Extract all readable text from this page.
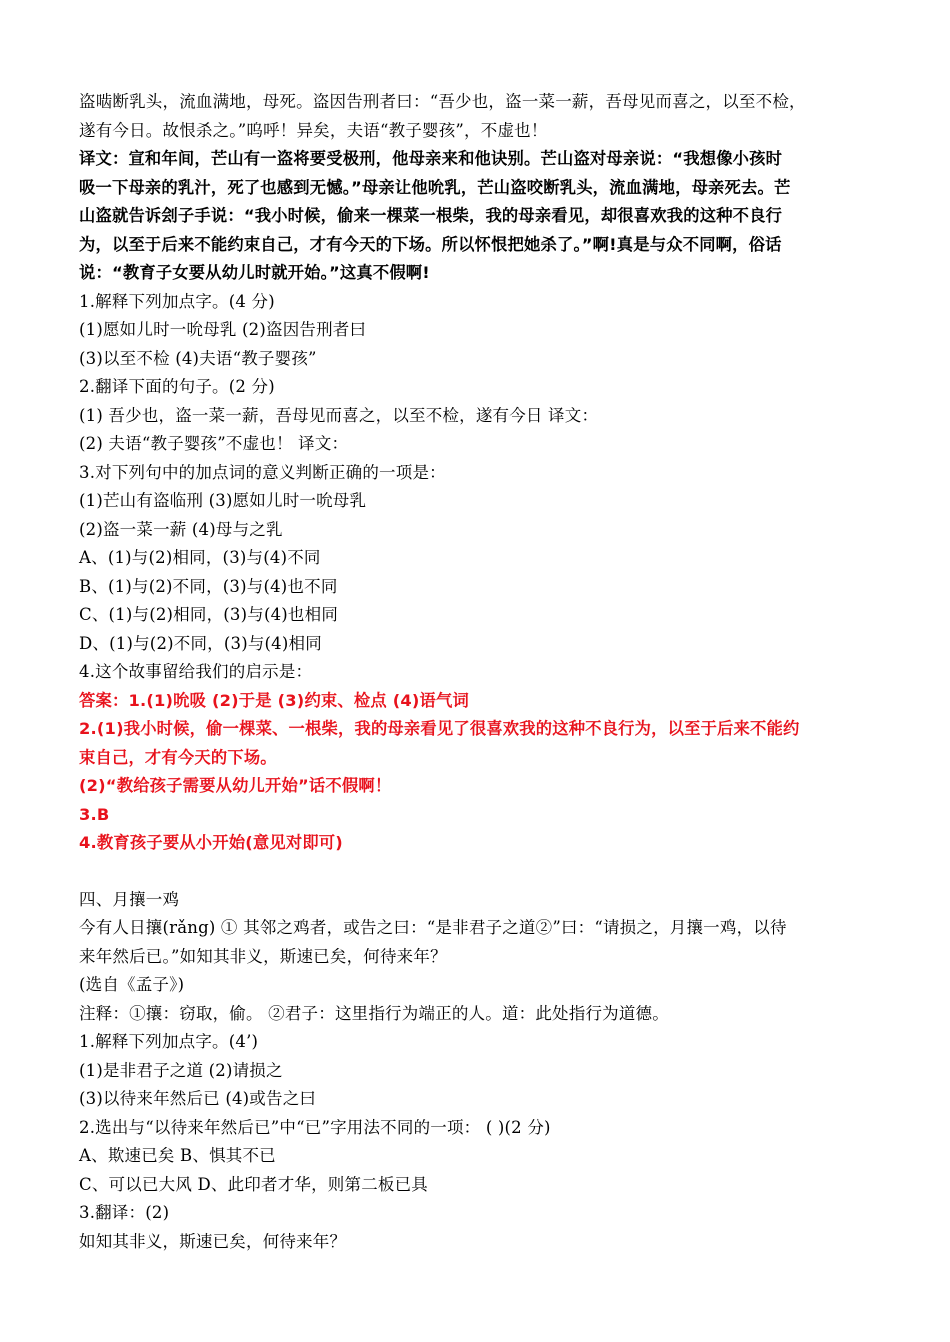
盗啮断乳头，流血满地，母死。盗因告刑者曰：“吾少也，盗一菜一薪，吾母见而喜之，以至不检，
遂有今日。故恨杀之。”呜呼！异矣，夫语“教子婴孩”，不虚也！
译文：宣和年间，芒山有一盗将要受极刑，他母亲来和他诀别。芒山盗对母亲说：“我想像小孩时
吸一下母亲的乳汁，死了也感到无憾。”母亲让他吮乳，芒山盗咬断乳头，流血满地，母亲死去。芒
山盗就告诉刽子手说：“我小时候，偷来一棵菜一根柴，我的母亲看见，却很喜欢我的这种不良行
为，以至于后来不能约束自己，才有今天的下场。所以怀恨把她杀了。”啊!真是与众不同啊，俗话
说：“教育子女要从幼儿时就开始。”这真不假啊!
1.解释下列加点字。(4 分)
(1)愿如儿时一吮母乳 (2)盗因告刑者曰
(3)以至不检 (4)夫语“教子婴孩”
2.翻译下面的句子。(2 分)
(1) 吾少也，盗一菜一薪，吾母见而喜之，以至不检，遂有今日 译文：
(2) 夫语“教子婴孩”不虚也！ 译文：
3.对下列句中的加点词的意义判断正确的一项是：
(1)芒山有盗临刑 (3)愿如儿时一吮母乳
(2)盗一菜一薪 (4)母与之乳
A、(1)与(2)相同，(3)与(4)不同
B、(1)与(2)不同，(3)与(4)也不同
C、(1)与(2)相同，(3)与(4)也相同
D、(1)与(2)不同，(3)与(4)相同
4.这个故事留给我们的启示是：
答案：1.(1)吮吸 (2)于是 (3)约束、检点 (4)语气词
2.(1)我小时候，偷一棵菜、一根柴，我的母亲看见了很喜欢我的这种不良行为，以至于后来不能约
束自己，才有今天的下场。
(2)“教给孩子需要从幼儿开始”话不假啊！
3.B
4.教育孩子要从小开始(意见对即可)
四、月攘一鸡
今有人日攘(rǎng) ① 其邻之鸡者，或告之曰：“是非君子之道②”曰：“请损之，月攘一鸡，以待
来年然后已。”如知其非义，斯速已矣，何待来年？
(选自《孟子》)
注释：①攘：窃取，偷。 ②君子：这里指行为端正的人。道：此处指行为道德。
1.解释下列加点字。(4’)
(1)是非君子之道 (2)请损之
(3)以待来年然后已 (4)或告之曰
2.选出与“以待来年然后已”中“已”字用法不同的一项： ( )(2 分)
A、欺速已矣 B、惧其不已
C、可以已大风 D、此印者才华，则第二板已具
3.翻译：(2)
如知其非义，斯速已矣，何待来年？
